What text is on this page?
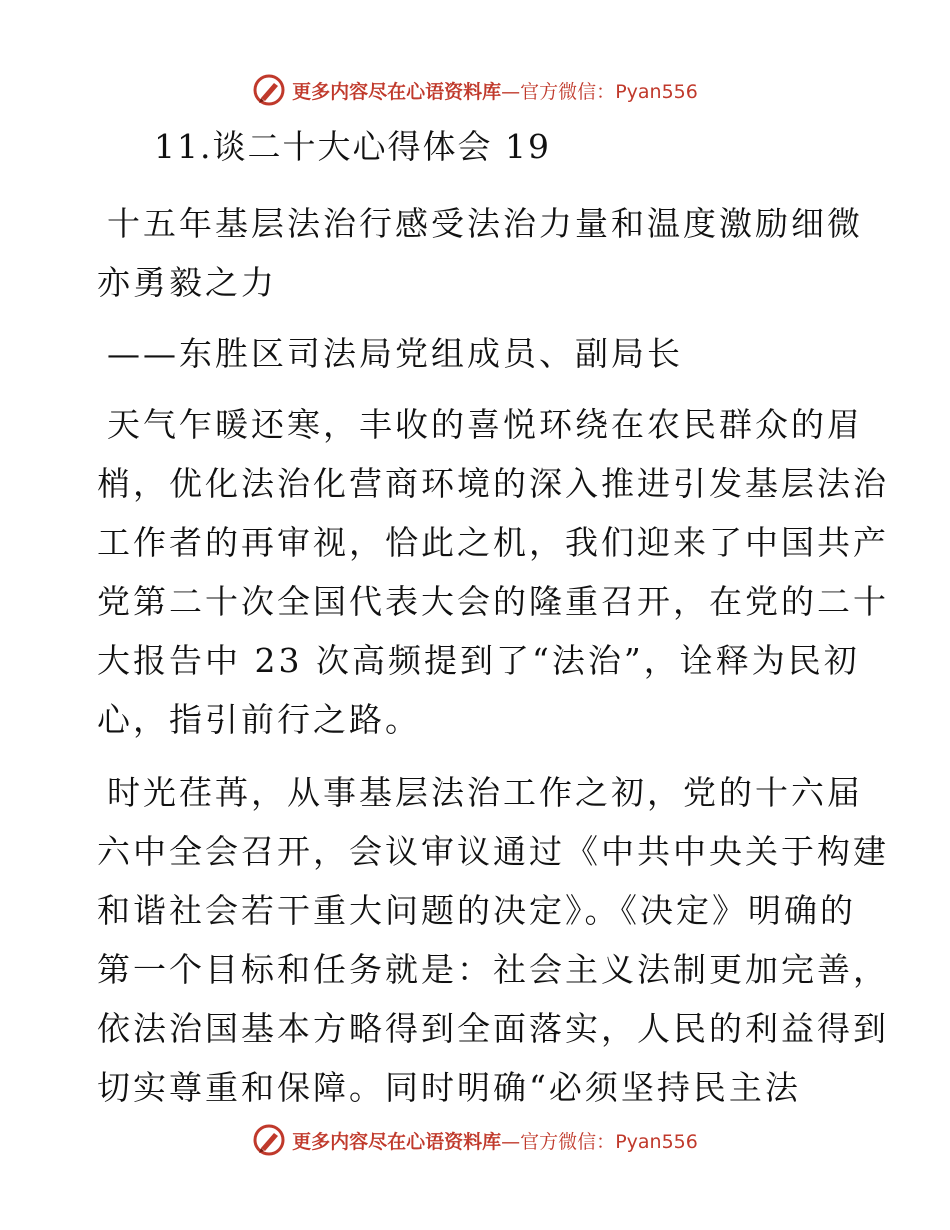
更多内容尽在心语资料库—官方微信：Pyan556
11.谈二十大心得体会 19

十五年基层法治行感受法治力量和温度激励细微

亦勇毅之力

——东胜区司法局党组成员、副局长

天气乍暖还寒，丰收的喜悦环绕在农民群众的眉

梢，优化法治化营商环境的深入推进引发基层法治

工作者的再审视，恰此之机，我们迎来了中国共产

党第二十次全国代表大会的隆重召开，在党的二十

大报告中 23 次高频提到了“法治”，诠释为民初

心，指引前行之路。

时光荏苒，从事基层法治工作之初，党的十六届

六中全会召开，会议审议通过《中共中央关于构建

和谐社会若干重大问题的决定》。《决定》明确的

第一个目标和任务就是：社会主义法制更加完善，

依法治国基本方略得到全面落实，人民的利益得到

切实尊重和保障。同时明确“必须坚持民主法

更多内容尽在心语资料库—官方微信：Pyan556
